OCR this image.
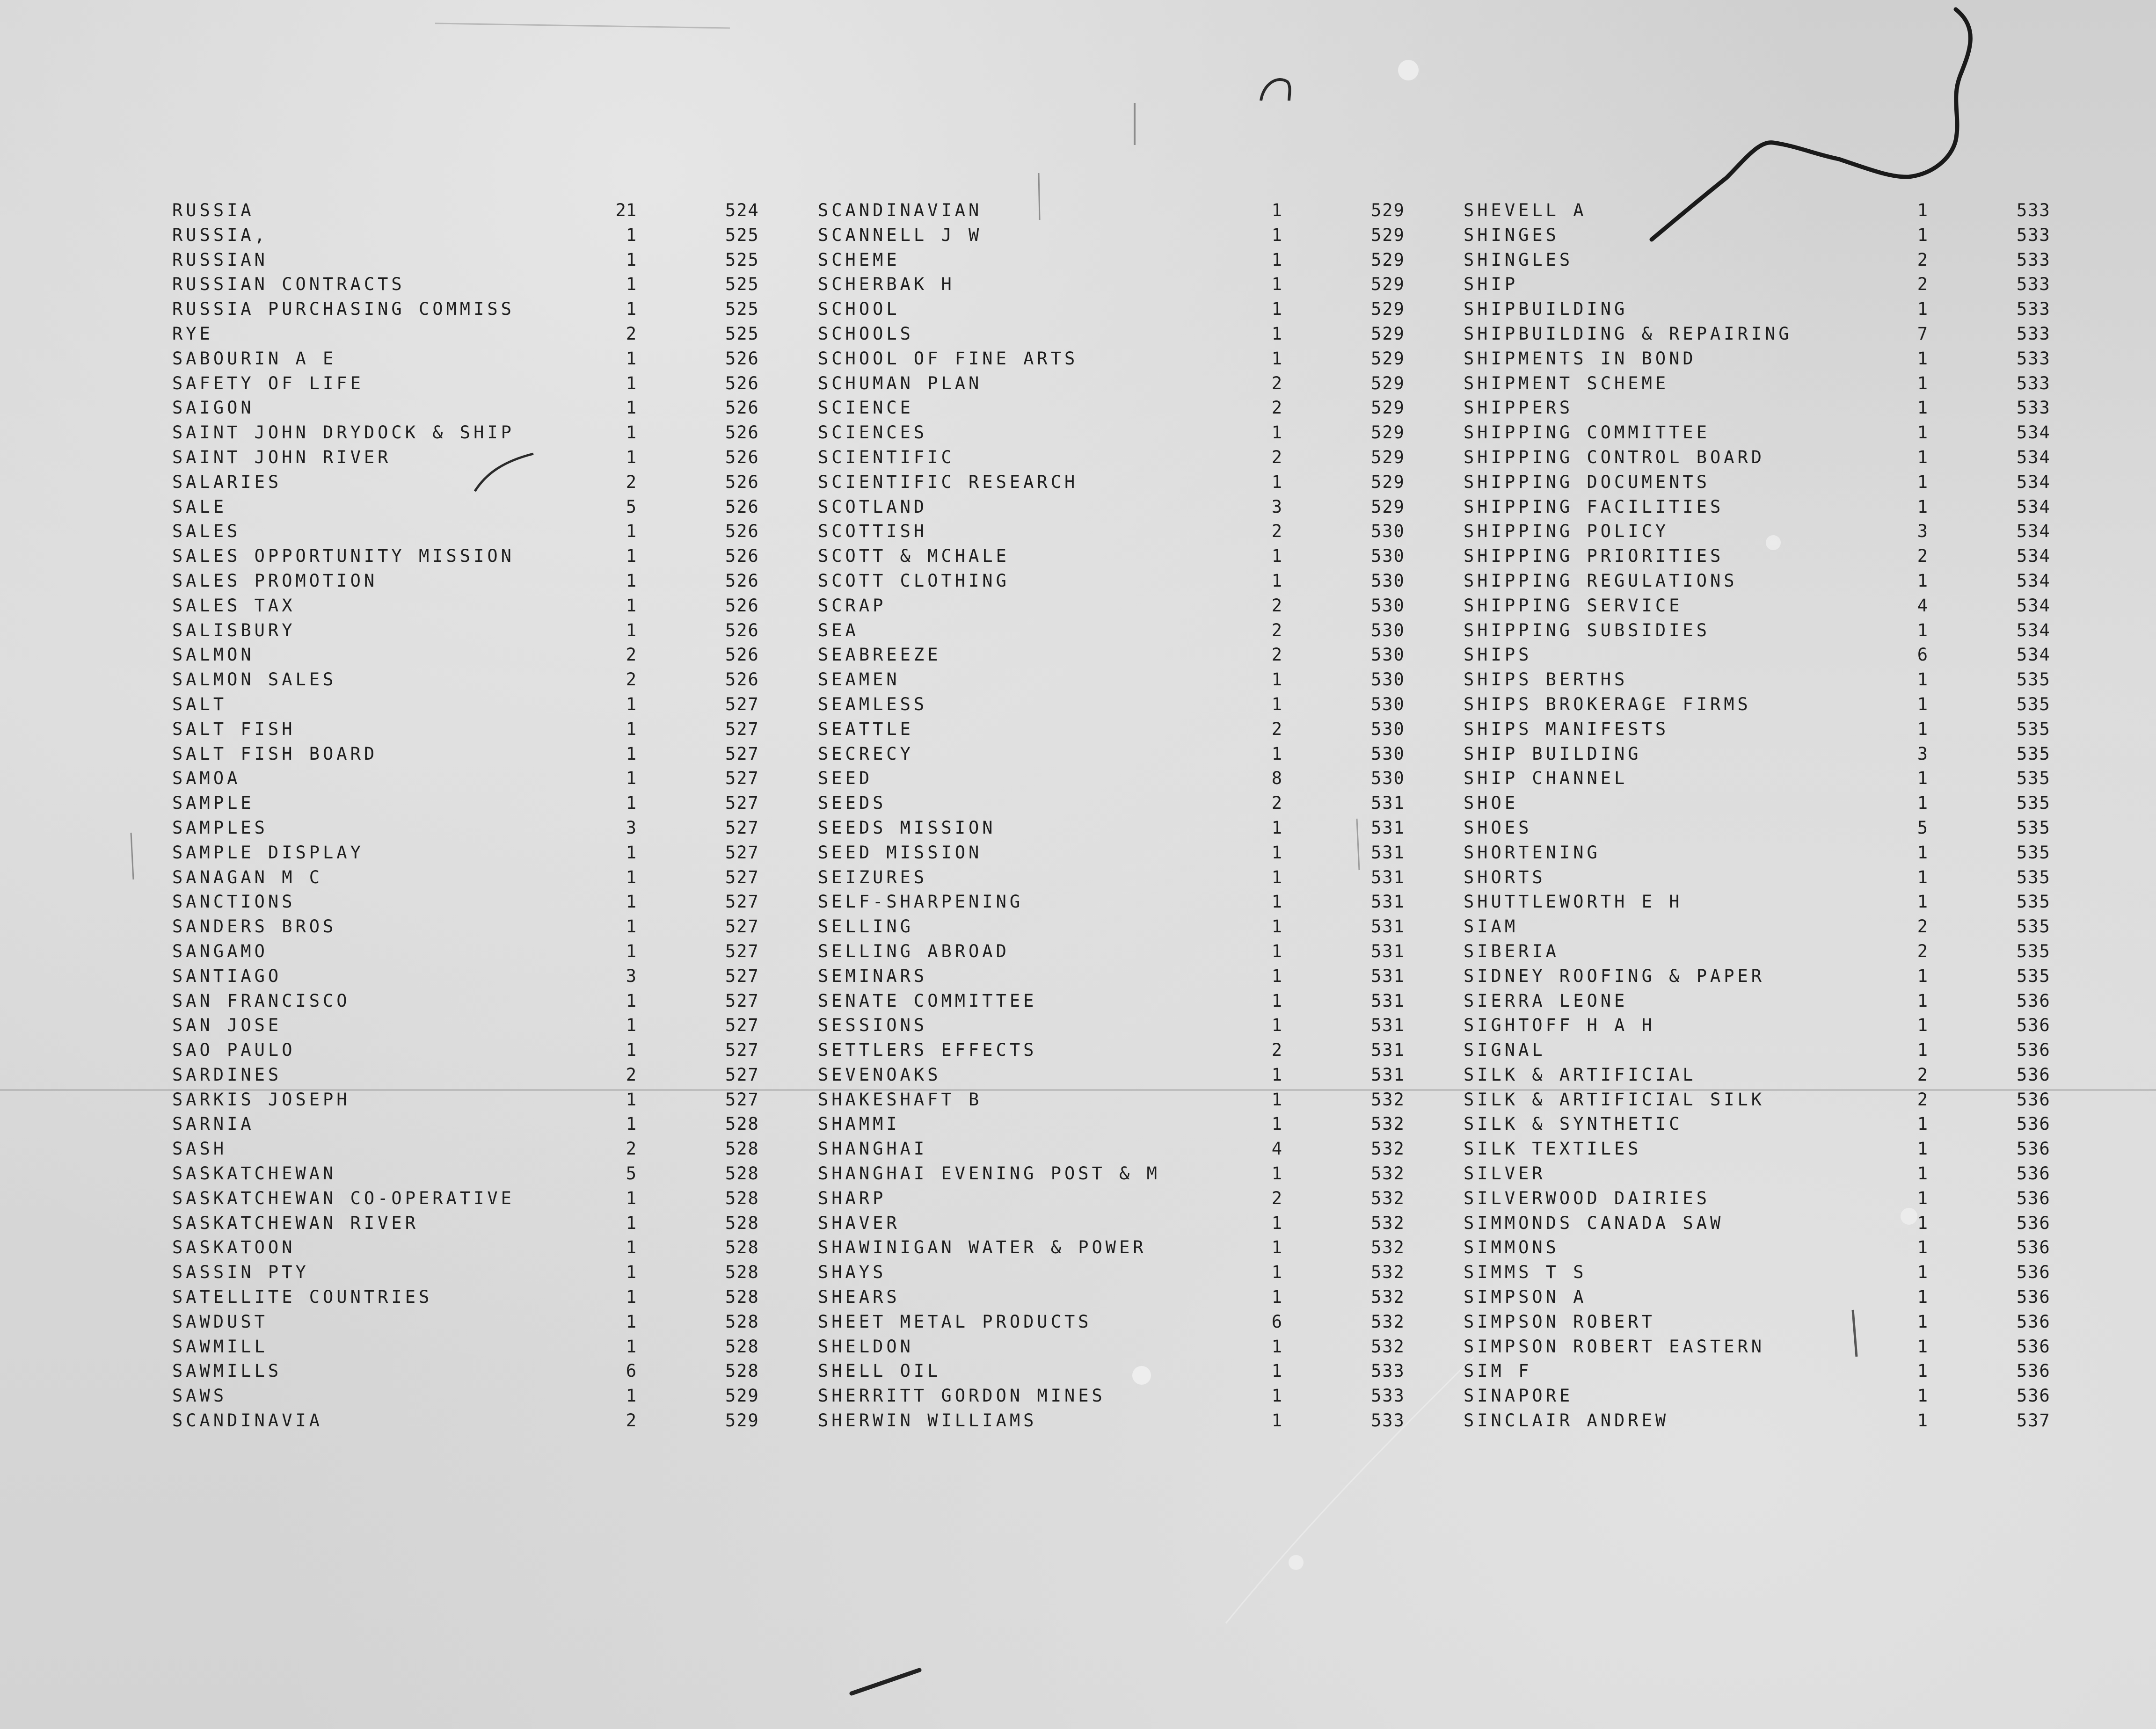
RUSSIA	21	524
RUSSIA,	1	525
RUSSIAN	1	525
RUSSIAN CONTRACTS	1	525
RUSSIA PURCHASING COMMISS	1	525
RYE	2	525
SABOURIN A E	1	526
SAFETY OF LIFE	1	526
SAIGON	1	526
SAINT JOHN DRYDOCK & SHIP	1	526
SAINT JOHN RIVER	1	526
SALARIES	2	526
SALE	5	526
SALES	1	526
SALES OPPORTUNITY MISSION	1	526
SALES PROMOTION	1	526
SALES TAX	1	526
SALISBURY	1	526
SALMON	2	526
SALMON SALES	2	526
SALT	1	527
SALT FISH	1	527
SALT FISH BOARD	1	527
SAMOA	1	527
SAMPLE	1	527
SAMPLES	3	527
SAMPLE DISPLAY	1	527
SANAGAN M C	1	527
SANCTIONS	1	527
SANDERS BROS	1	527
SANGAMO	1	527
SANTIAGO	3	527
SAN FRANCISCO	1	527
SAN JOSE	1	527
SAO PAULO	1	527
SARDINES	2	527
SARKIS JOSEPH	1	527
SARNIA	1	528
SASH	2	528
SASKATCHEWAN	5	528
SASKATCHEWAN CO-OPERATIVE	1	528
SASKATCHEWAN RIVER	1	528
SASKATOON	1	528
SASSIN PTY	1	528
SATELLITE COUNTRIES	1	528
SAWDUST	1	528
SAWMILL	1	528
SAWMILLS	6	528
SAWS	1	529
SCANDINAVIA	2	529
SCANDINAVIAN	1	529
SCANNELL J W	1	529
SCHEME	1	529
SCHERBAK H	1	529
SCHOOL	1	529
SCHOOLS	1	529
SCHOOL OF FINE ARTS	1	529
SCHUMAN PLAN	2	529
SCIENCE	2	529
SCIENCES	1	529
SCIENTIFIC	2	529
SCIENTIFIC RESEARCH	1	529
SCOTLAND	3	529
SCOTTISH	2	530
SCOTT & MCHALE	1	530
SCOTT CLOTHING	1	530
SCRAP	2	530
SEA	2	530
SEABREEZE	2	530
SEAMEN	1	530
SEAMLESS	1	530
SEATTLE	2	530
SECRECY	1	530
SEED	8	530
SEEDS	2	531
SEEDS MISSION	1	531
SEED MISSION	1	531
SEIZURES	1	531
SELF-SHARPENING	1	531
SELLING	1	531
SELLING ABROAD	1	531
SEMINARS	1	531
SENATE COMMITTEE	1	531
SESSIONS	1	531
SETTLERS EFFECTS	2	531
SEVENOAKS	1	531
SHAKESHAFT B	1	532
SHAMMI	1	532
SHANGHAI	4	532
SHANGHAI EVENING POST & M	1	532
SHARP	2	532
SHAVER	1	532
SHAWINIGAN WATER & POWER	1	532
SHAYS	1	532
SHEARS	1	532
SHEET METAL PRODUCTS	6	532
SHELDON	1	532
SHELL OIL	1	533
SHERRITT GORDON MINES	1	533
SHERWIN WILLIAMS	1	533
SHEVELL A	1	533
SHINGES	1	533
SHINGLES	2	533
SHIP	2	533
SHIPBUILDING	1	533
SHIPBUILDING & REPAIRING	7	533
SHIPMENTS IN BOND	1	533
SHIPMENT SCHEME	1	533
SHIPPERS	1	533
SHIPPING COMMITTEE	1	534
SHIPPING CONTROL BOARD	1	534
SHIPPING DOCUMENTS	1	534
SHIPPING FACILITIES	1	534
SHIPPING POLICY	3	534
SHIPPING PRIORITIES	2	534
SHIPPING REGULATIONS	1	534
SHIPPING SERVICE	4	534
SHIPPING SUBSIDIES	1	534
SHIPS	6	534
SHIPS BERTHS	1	535
SHIPS BROKERAGE FIRMS	1	535
SHIPS MANIFESTS	1	535
SHIP BUILDING	3	535
SHIP CHANNEL	1	535
SHOE	1	535
SHOES	5	535
SHORTENING	1	535
SHORTS	1	535
SHUTTLEWORTH E H	1	535
SIAM	2	535
SIBERIA	2	535
SIDNEY ROOFING & PAPER	1	535
SIERRA LEONE	1	536
SIGHTOFF H A H	1	536
SIGNAL	1	536
SILK & ARTIFICIAL	2	536
SILK & ARTIFICIAL SILK	2	536
SILK & SYNTHETIC	1	536
SILK TEXTILES	1	536
SILVER	1	536
SILVERWOOD DAIRIES	1	536
SIMMONDS CANADA SAW	1	536
SIMMONS	1	536
SIMMS T S	1	536
SIMPSON A	1	536
SIMPSON ROBERT	1	536
SIMPSON ROBERT EASTERN	1	536
SIM F	1	536
SINAPORE	1	536
SINCLAIR ANDREW	1	537
